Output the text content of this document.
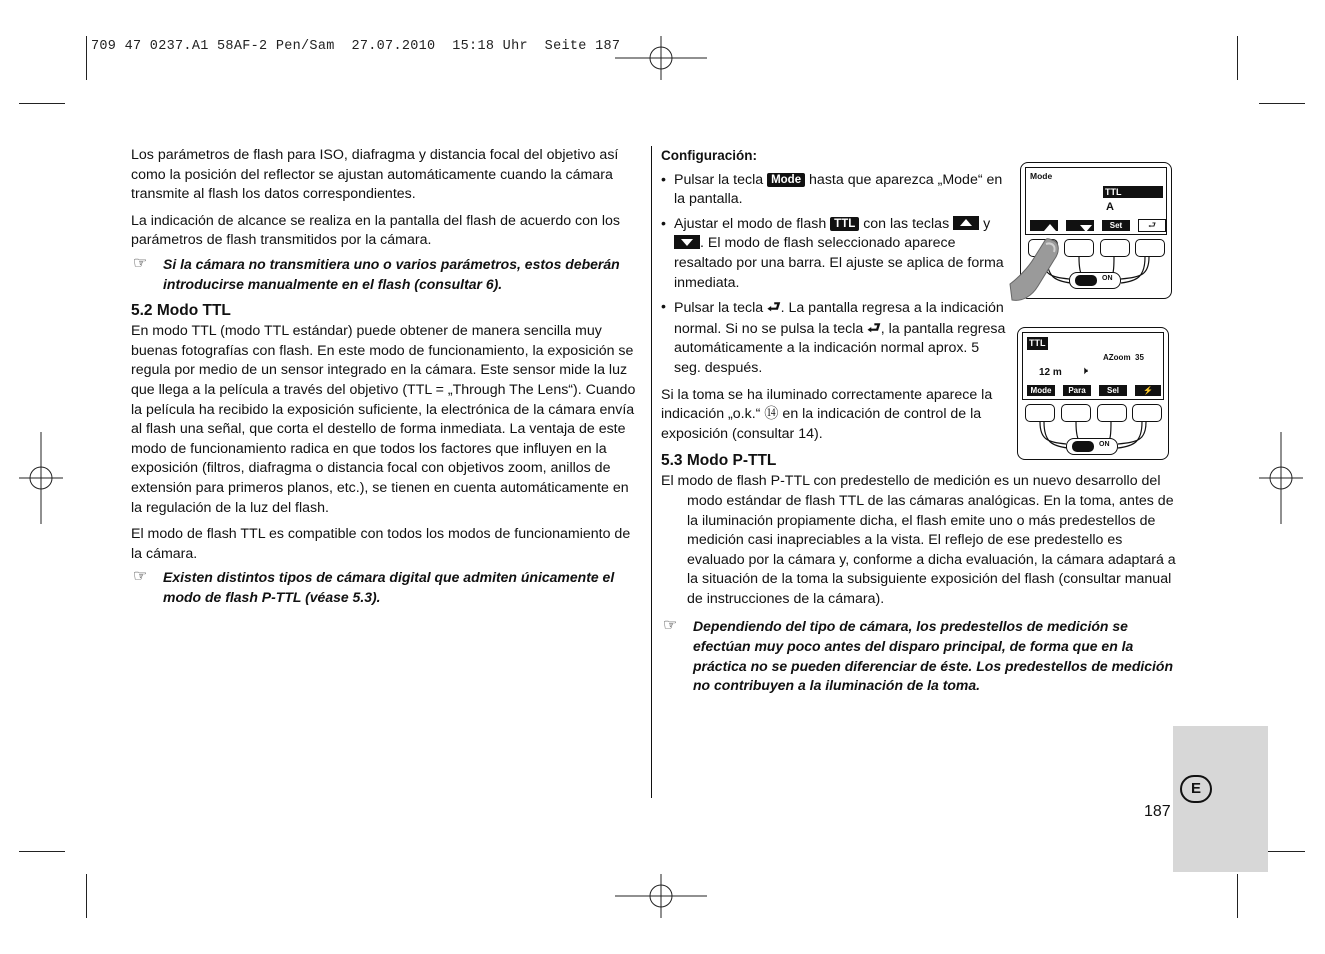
709 47 0237.A1 58AF-2 Pen/Sam  27.07.2010  15:18 Uhr  Seite 187

Los parámetros de flash para ISO, diafragma y distancia focal del objetivo así como la posición del reflector se ajustan automáticamente cuando la cámara transmite al flash los datos correspondientes.

La indicación de alcance se realiza en la pantalla del flash de acuerdo con los parámetros de flash transmitidos por la cámara.

☞ Si la cámara no transmitiera uno o varios parámetros, estos deberán introducirse manualmente en el flash (consultar 6).
5.2 Modo TTL

En modo TTL (modo TTL estándar) puede obtener de manera sencilla muy buenas fotografías con flash. En este modo de funcionamiento, la exposición se regula por medio de un sensor integrado en la cámara. Este sensor mide la luz que llega a la película a través del objetivo (TTL = „Through The Lens“). Cuando la película ha recibido la exposición suficiente, la electrónica de la cámara envía al flash una señal, que corta el destello de forma inmediata. La ventaja de este modo de funcionamiento radica en que todos los factores que influyen en la exposición (filtros, diafragma o distancia focal con objetivos zoom, anillos de extensión para primeros planos, etc.), se tienen en cuenta automáticamente en la regulación de la luz del flash.

El modo de flash TTL es compatible con todos los modos de funcionamiento de la cámara.

☞ Existen distintos tipos de cámara digital que admiten únicamente el modo de flash P-TTL (véase 5.3).

Configuración:

• Pulsar la tecla Mode hasta que aparezca „Mode“ en la pantalla.
• Ajustar el modo de flash TTL con las teclas y . El modo de flash seleccionado aparece resaltado por una barra. El ajuste se aplica de forma inmediata.
• Pulsar la tecla ⮐. La pantalla regresa a la indicación normal. Si no se pulsa la tecla ⮐, la pantalla regresa automáticamente a la indicación normal aprox. 5 seg. después.

Si la toma se ha iluminado correctamente aparece la indicación „o.k.“ ⑭ en la indicación de control de la exposición (consultar 14).

5.3 Modo P-TTL

El modo de flash P-TTL con predestello de medición es un nuevo desarrollo del modo estándar de flash TTL de las cámaras analógicas. En la toma, antes de la iluminación propiamente dicha, el flash emite uno o más predestellos de medición casi inapreciables a la vista. El reflejo de ese predestello es evaluado por la cámara y, conforme a dicha evaluación, la cámara adaptará a la situación de la toma la subsiguiente exposición del flash (consultar manual de instrucciones de la cámara).

☞ Dependiendo del tipo de cámara, los predestellos de medición se efectúan muy poco antes del disparo principal, de forma que en la práctica no se pueden diferenciar de éste. Los predestellos de medición no contribuyen a la iluminación de la toma.
Mode
TTL
A
Set	⮐
ON
TTL
AZoom  35
12 m 🕨
Mode	Para	Sel	⚡
ON
E
187
